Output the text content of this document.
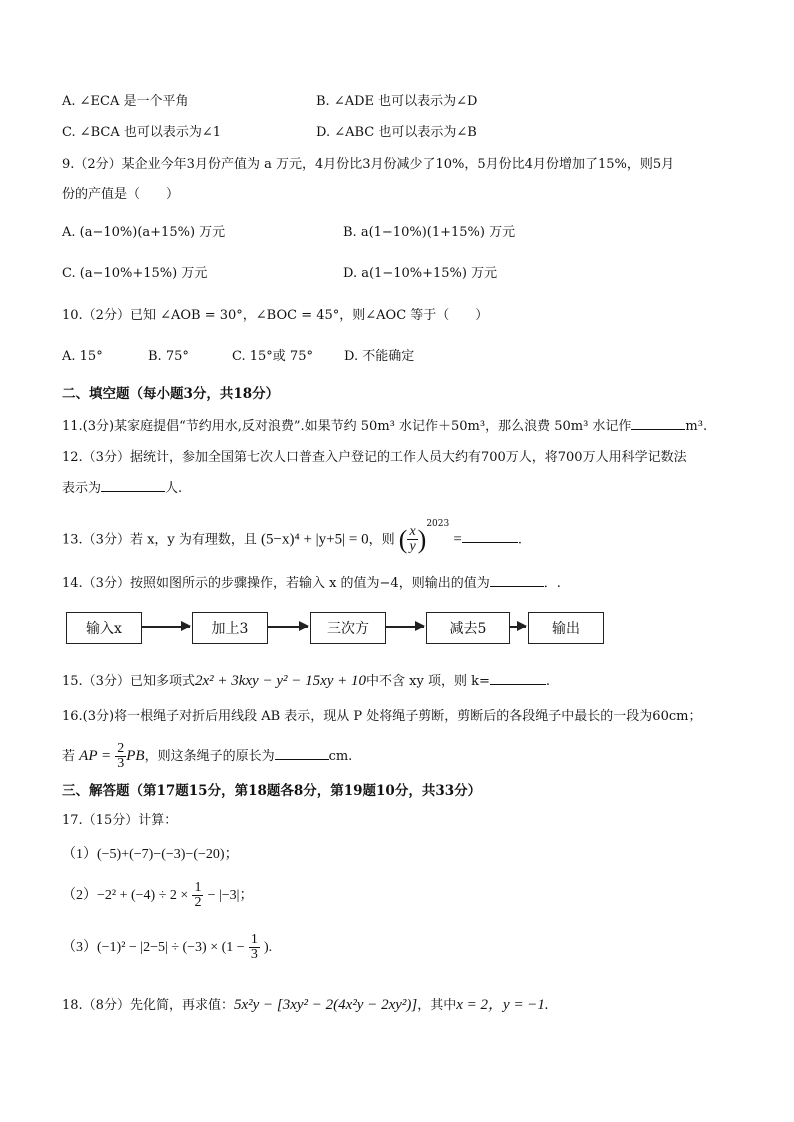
A. ∠ECA 是一个平角	B. ∠ADE 也可以表示为∠D
C. ∠BCA 也可以表示为∠1	D. ∠ABC 也可以表示为∠B
9.（2分）某企业今年3月份产值为 a 万元，4月份比3月份减少了10%，5月份比4月份增加了15%，则5月
份的产值是（　　）
A. (a−10%)(a+15%) 万元	B. a(1−10%)(1+15%) 万元
C. (a−10%+15%) 万元	D. a(1−10%+15%) 万元
10.（2分）已知 ∠AOB = 30°，∠BOC = 45°，则∠AOC 等于（　　）
A. 15°	B. 75°	C. 15°或 75° D. 不能确定
二、填空题（每小题3分，共18分）
11.(3分)某家庭提倡“节约用水,反对浪费”.如果节约 50m³ 水记作＋50m³，那么浪费 50m³ 水记作	m³.
12.（3分）据统计，参加全国第七次人口普查入户登记的工作人员大约有700万人，将700万人用科学记数法
表示为	人.
13.（3分）若 x，y 为有理数，且 (5−x)⁴ + |y+5| = 0，则 ( $\frac{x}{y} )^{2023}$ =	.
14.（3分）按照如图所示的步骤操作，若输入 x 的值为−4，则输出的值为	．.
输入x	加上3	三次方	减去5	输出
15.（3分）已知多项式2x² + 3kxy − y² − 15xy + 10中不含 xy 项，则 k=	.
16.(3分)将一根绳子对折后用线段 AB 表示，现从 P 处将绳子剪断，剪断后的各段绳子中最长的一段为60cm；
若 AP = $\frac{2}{3}$ PB，则这条绳子的原长为	cm.
三、解答题（第17题15分，第18题各8分，第19题10分，共33分）
17.（15分）计算：
（1）(−5)+(−7)−(−3)−(−20)；
$(2)-2^2 + (-4) \div 2 \times \frac{1}{2} - |-3|$；
$(3)(-1)^2 - |2-5| \div (-3) \times (1 - \frac{1}{3}$ ).
18.（8分）先化简，再求值：5x²y − [3xy² − 2(4x²y − 2xy²)]，其中x = 2，y = −1.
